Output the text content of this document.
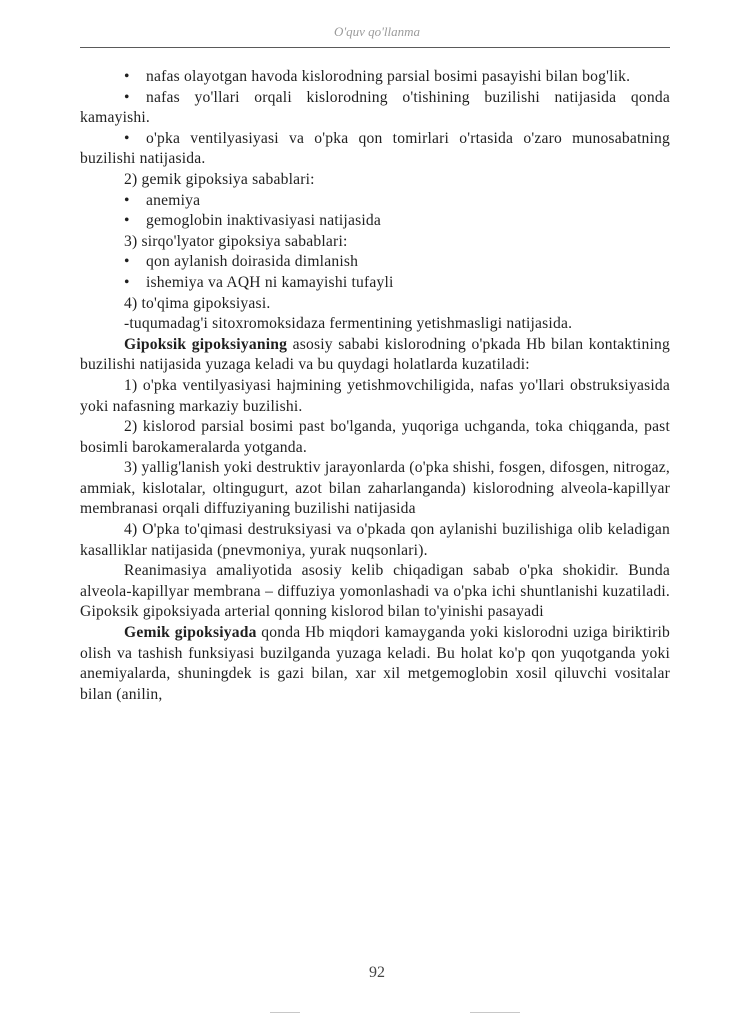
O'quv qo'llanma

• nafas olayotgan havoda kislorodning parsial bosimi pasayishi bilan bog'lik.

• nafas yo'llari orqali kislorodning o'tishining buzilishi natijasida qonda kamayishi.

• o'pka ventilyasiyasi va o'pka qon tomirlari o'rtasida o'zaro munosabatning buzilishi natijasida.

2) gemik gipoksiya sabablari:

• anemiya

• gemoglobin inaktivasiyasi natijasida

3) sirqo'lyator gipoksiya sabablari:

• qon aylanish doirasida dimlanish

• ishemiya va AQH ni kamayishi tufayli

4) to'qima gipoksiyasi.

-tuqumadag'i sitoxromoksidaza fermentining yetishmasligi natijasida.

Gipoksik gipoksiyaning asosiy sababi kislorodning o'pkada Hb bilan kontaktining buzilishi natijasida yuzaga keladi va bu quydagi holatlarda kuzatiladi:

1) o'pka ventilyasiyasi hajmining yetishmovchiligida, nafas yo'llari obstruksiyasida yoki nafasning markaziy buzilishi.

2) kislorod parsial bosimi past bo'lganda, yuqoriga uchganda, toka chiqganda, past bosimli barokameralarda yotganda.

3) yallig'lanish yoki destruktiv jarayonlarda (o'pka shishi, fosgen, difosgen, nitrogaz, ammiak, kislotalar, oltingugurt, azot bilan zaharlanganda) kislorodning alveola-kapillyar membranasi orqali diffuziyaning buzilishi natijasida

4) O'pka to'qimasi destruksiyasi va o'pkada qon aylanishi buzilishiga olib keladigan kasalliklar natijasida (pnevmoniya, yurak nuqsonlari).

Reanimasiya amaliyotida asosiy kelib chiqadigan sabab o'pka shokidir. Bunda alveola-kapillyar membrana – diffuziya yomonlashadi va o'pka ichi shuntlanishi kuzatiladi. Gipoksik gipoksiyada arterial qonning kislorod bilan to'yinishi pasayadi

Gemik gipoksiyada qonda Hb miqdori kamayganda yoki kislorodni uziga biriktirib olish va tashish funksiyasi buzilganda yuzaga keladi. Bu holat ko'p qon yuqotganda yoki anemiyalarda, shuningdek is gazi bilan, xar xil metgemoglobin xosil qiluvchi vositalar bilan (anilin,

92
